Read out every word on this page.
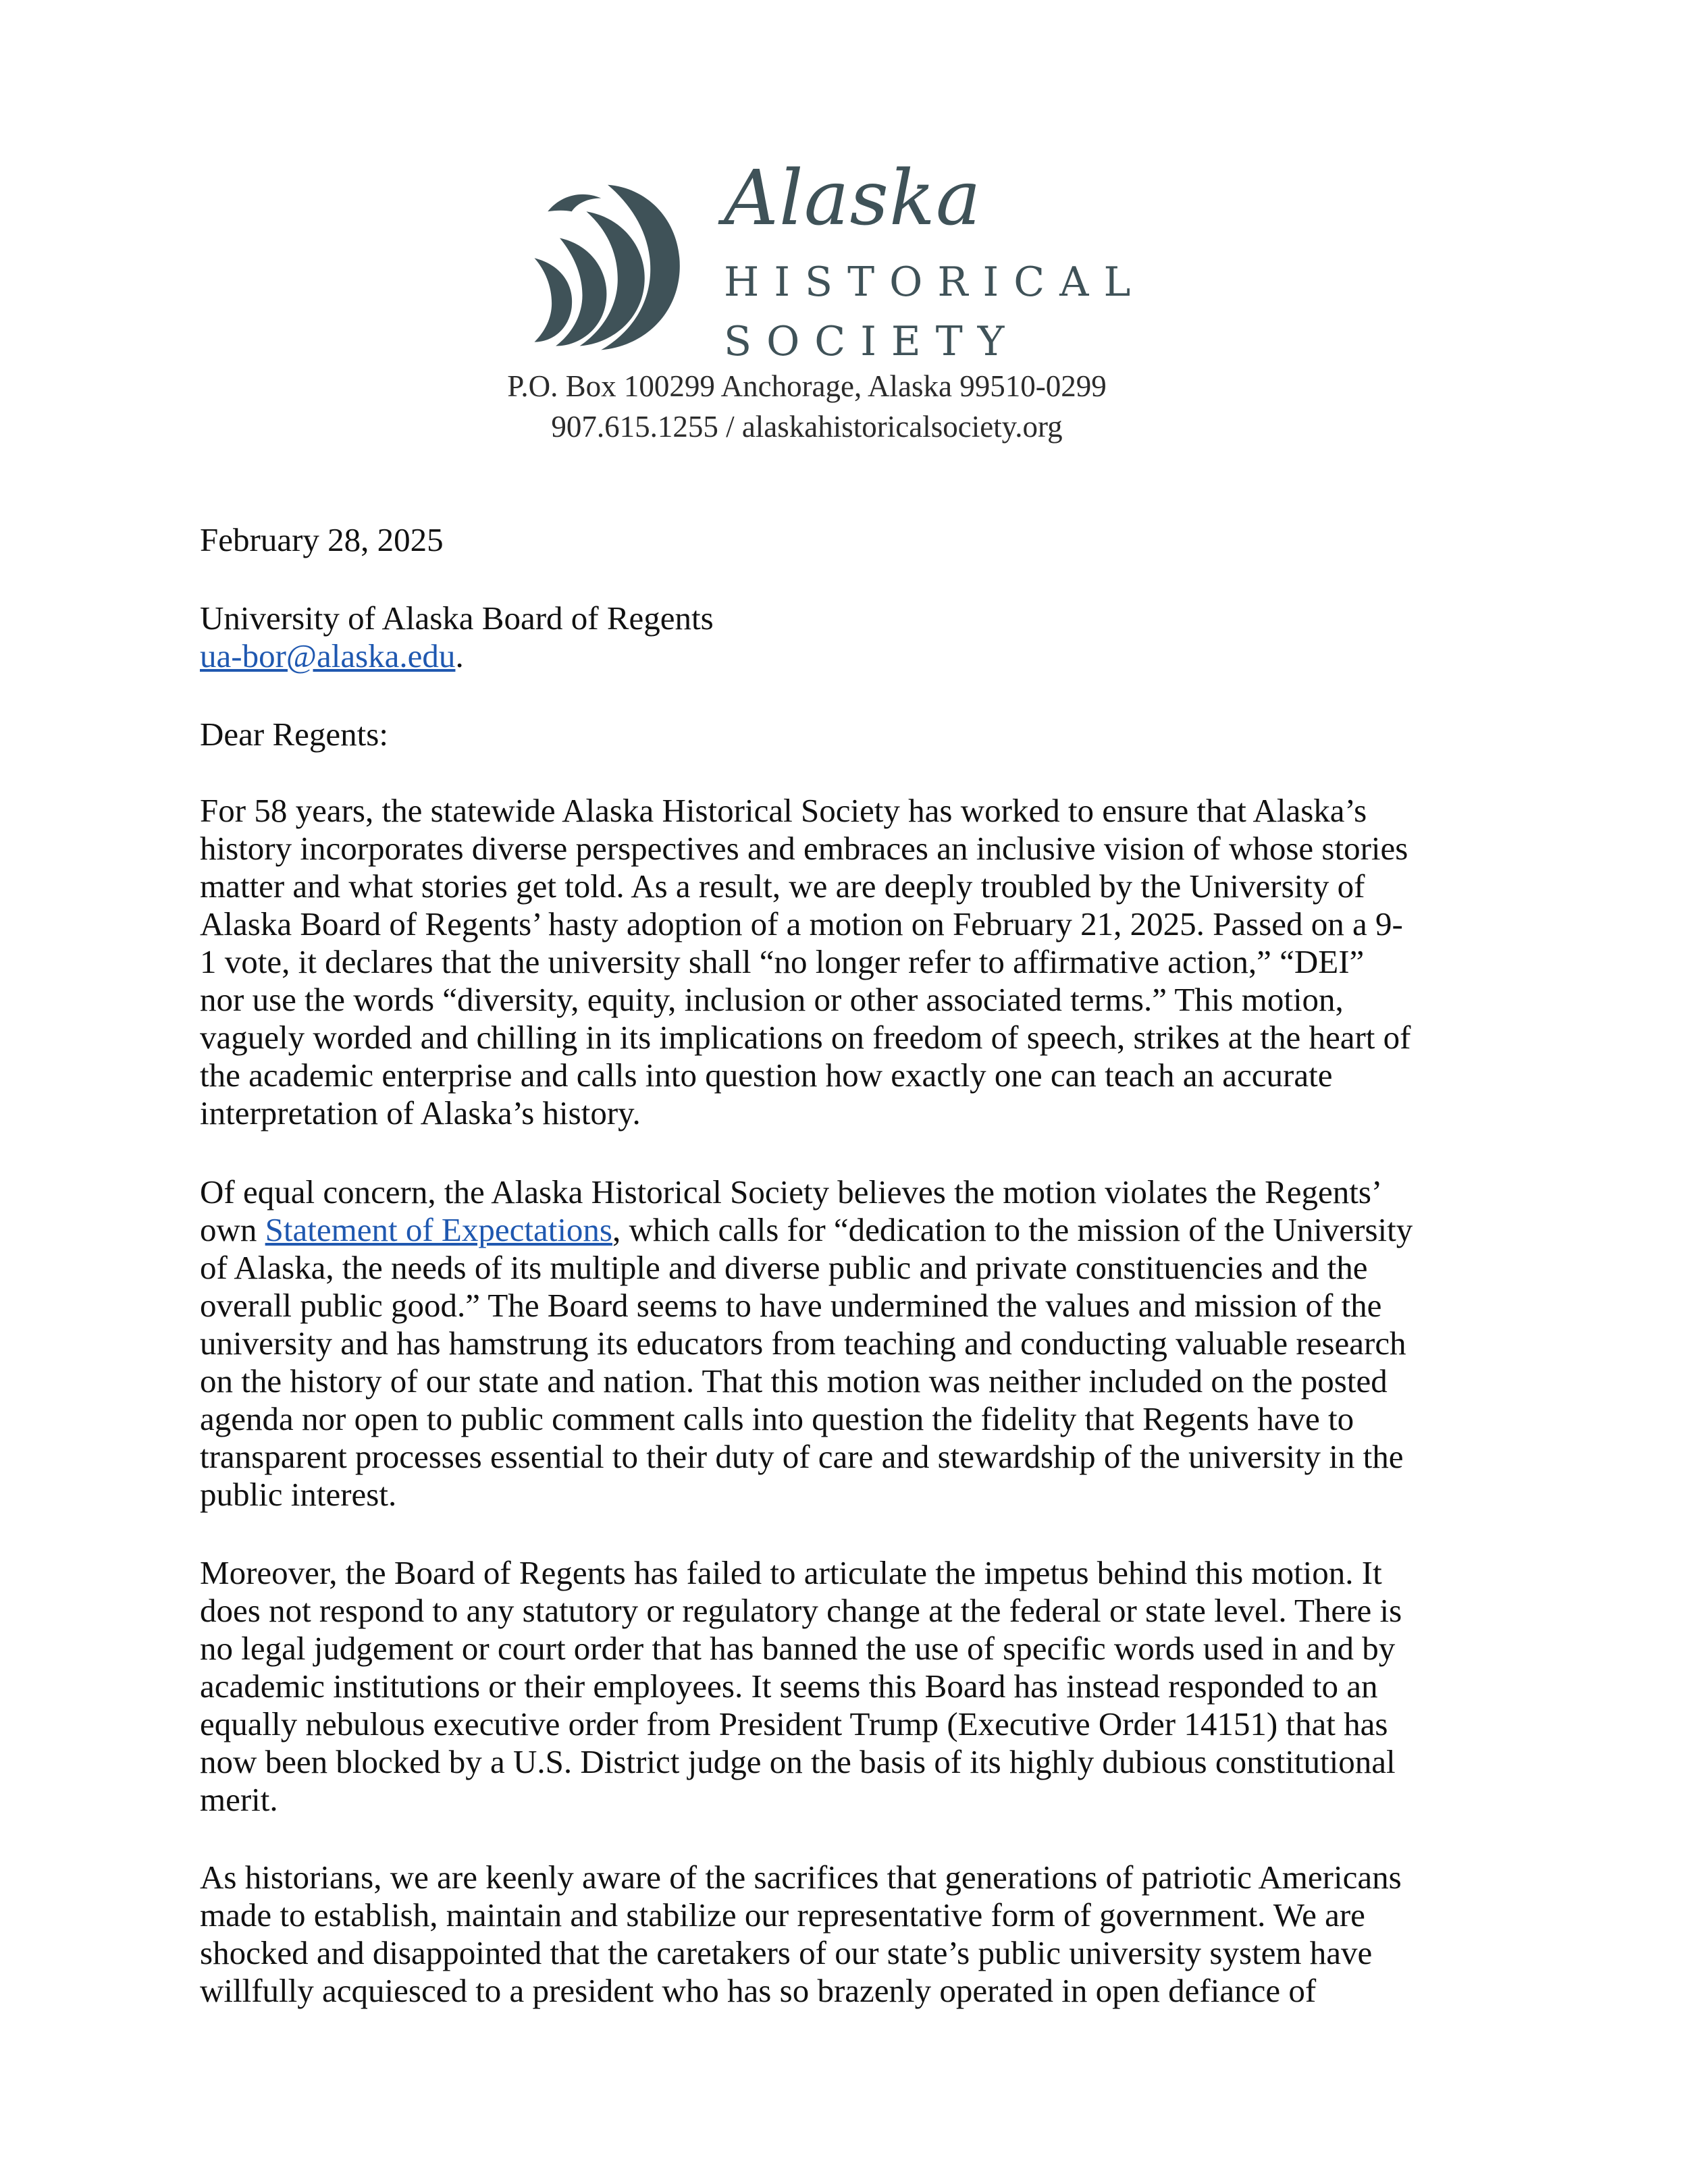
Alaska
HISTORICAL
SOCIETY
P.O. Box 100299 Anchorage, Alaska 99510-0299
907.615.1255 / alaskahistoricalsociety.org
February 28, 2025
University of Alaska Board of Regents
ua-bor@alaska.edu.
Dear Regents:
For 58 years, the statewide Alaska Historical Society has worked to ensure that Alaska’s
history incorporates diverse perspectives and embraces an inclusive vision of whose stories
matter and what stories get told. As a result, we are deeply troubled by the University of
Alaska Board of Regents’ hasty adoption of a motion on February 21, 2025. Passed on a 9-
1 vote, it declares that the university shall “no longer refer to affirmative action,” “DEI”
nor use the words “diversity, equity, inclusion or other associated terms.” This motion,
vaguely worded and chilling in its implications on freedom of speech, strikes at the heart of
the academic enterprise and calls into question how exactly one can teach an accurate
interpretation of Alaska’s history.
Of equal concern, the Alaska Historical Society believes the motion violates the Regents’
own Statement of Expectations, which calls for “dedication to the mission of the University
of Alaska, the needs of its multiple and diverse public and private constituencies and the
overall public good.” The Board seems to have undermined the values and mission of the
university and has hamstrung its educators from teaching and conducting valuable research
on the history of our state and nation. That this motion was neither included on the posted
agenda nor open to public comment calls into question the fidelity that Regents have to
transparent processes essential to their duty of care and stewardship of the university in the
public interest.
Moreover, the Board of Regents has failed to articulate the impetus behind this motion. It
does not respond to any statutory or regulatory change at the federal or state level. There is
no legal judgement or court order that has banned the use of specific words used in and by
academic institutions or their employees. It seems this Board has instead responded to an
equally nebulous executive order from President Trump (Executive Order 14151) that has
now been blocked by a U.S. District judge on the basis of its highly dubious constitutional
merit.
As historians, we are keenly aware of the sacrifices that generations of patriotic Americans
made to establish, maintain and stabilize our representative form of government. We are
shocked and disappointed that the caretakers of our state’s public university system have
willfully acquiesced to a president who has so brazenly operated in open defiance of
